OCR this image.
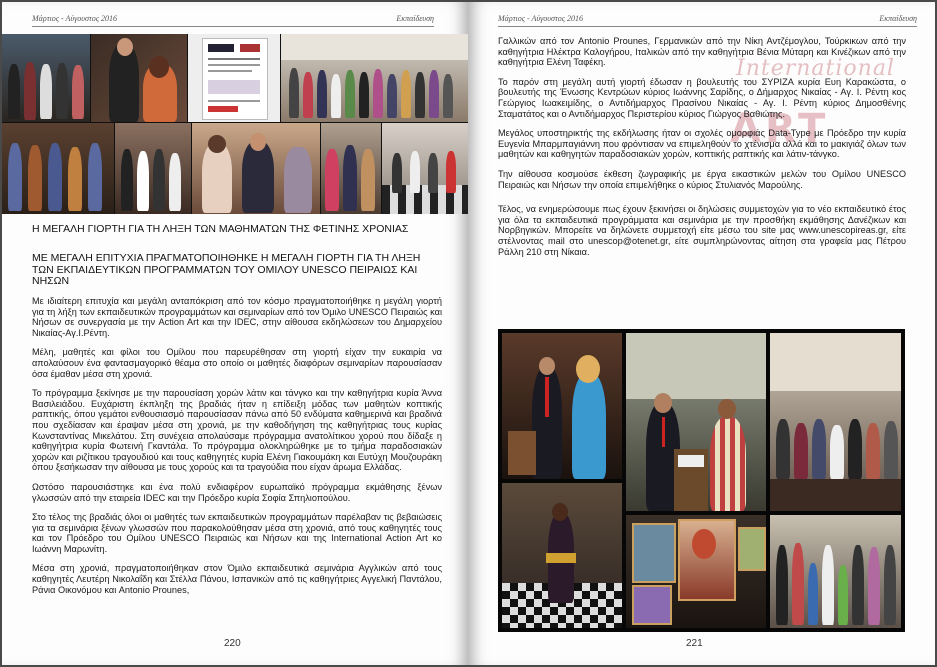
Μάρτιος - Αύγουστος 2016	Εκπαίδευση
Η ΜΕΓΑΛΗ ΓΙΟΡΤΗ ΓΙΑ ΤΗ ΛΗΞΗ ΤΩΝ ΜΑΘΗΜΑΤΩΝ ΤΗΣ ΦΕΤΙΝΗΣ ΧΡΟΝΙΑΣ
ΜΕ ΜΕΓΑΛΗ ΕΠΙΤΥΧΙΑ ΠΡΑΓΜΑΤΟΠΟΙΗΘΗΚΕ Η ΜΕΓΑΛΗ ΓΙΟΡΤΗ ΓΙΑ ΤΗ ΛΗΞΗ ΤΩΝ ΕΚΠΑΙΔΕΥΤΙΚΩΝ ΠΡΟΓΡΑΜΜΑΤΩΝ ΤΟΥ ΟΜΙΛΟΥ UNESCO ΠΕΙΡΑΙΩΣ ΚΑΙ ΝΗΣΩΝ

Με ιδιαίτερη επιτυχία και μεγάλη ανταπόκριση από τον κόσμο πραγματοποιήθηκε η μεγάλη γιορτή για τη λήξη των εκπαιδευτικών προγραμμάτων και σεμιναρίων από τον Όμιλο UNESCO Πειραιώς και Νήσων σε συνεργασία με την Action Art και την IDEC, στην αίθουσα εκδηλώσεων του Δημαρχείου Νικαίας-Αγ.Ι.Ρέντη.

Μέλη, μαθητές και φίλοι του Ομίλου που παρευρέθησαν στη γιορτή είχαν την ευκαιρία να απολαύσουν ένα φαντασμαγορικό θέαμα στο οποίο οι μαθητές διαφόρων σεμιναρίων παρουσίασαν όσα έμαθαν μέσα στη χρονιά.

Το πρόγραμμα ξεκίνησε με την παρουσίαση χορών λάτιν και τάνγκο και την καθηγήτρια κυρία Άννα Βασιλειάδου. Ευχάριστη έκπληξη της βραδιάς ήταν η επίδειξη μόδας των μαθητών κοπτικής ραπτικής, όπου γεμάτοι ενθουσιασμό παρουσίασαν πάνω από 50 ενδύματα καθημερινά και βραδινά που σχεδίασαν και έραψαν μέσα στη χρονιά, με την καθοδήγηση της καθηγήτριας τους κυρίας Κωνσταντίνας Μικελάτου. Στη συνέχεια απολαύσαμε πρόγραμμα ανατολίτικου χορού που δίδαξε η καθηγήτρια κυρία Φωτεινή Γκαντάλα. Το πρόγραμμα ολοκληρώθηκε με το τμήμα παραδοσιακών χορών και ριζίτικου τραγουδιού και τους καθηγητές κυρία Ελένη Γιακουμάκη και Ευτύχη Μουζουράκη όπου ξεσήκωσαν την αίθουσα με τους χορούς και τα τραγούδια που είχαν άρωμα Ελλάδας.

Ωστόσο παρουσιάστηκε και ένα πολύ ενδιαφέρον ευρωπαϊκό πρόγραμμα εκμάθησης ξένων γλωσσών από την εταιρεία IDEC και την Πρόεδρο κυρία Σοφία Σπηλιοπούλου.

Στο τέλος της βραδιάς όλοι οι μαθητές των εκπαιδευτικών προγραμμάτων παρέλαβαν τις βεβαιώσεις για τα σεμινάρια ξένων γλωσσών που παρακολούθησαν μέσα στη χρονιά, από τους καθηγητές τους και τον Πρόεδρο του Ομίλου UNESCO Πειραιώς και Νήσων και της International Action Art κο Ιωάννη Μαρωνίτη.

Μέσα στη χρονιά, πραγματοποιήθηκαν στον Όμιλο εκπαιδευτικά σεμινάρια Αγγλικών από τους καθηγητές Λευτέρη Νικολαΐδη και Στέλλα Πάνου, Ισπανικών από τις καθηγήτριες Αγγελική Παντάλου, Ράνια Οικονόμου και Antonio Prounes,

220
Μάρτιος - Αύγουστος 2016	Εκπαίδευση
International
ART

Γαλλικών από τον Antonio Prounes, Γερμανικών από την Νίκη Αντζέμογλου, Τούρκικων από την καθηγήτρια Ηλέκτρα Καλογήρου, Ιταλικών από την καθηγήτρια Βένια Μύταρη και Κινέζικων από την καθηγήτρια Ελένη Ταφέκη.

Το παρόν στη μεγάλη αυτή γιορτή έδωσαν η βουλευτής του ΣΥΡΙΖΑ κυρία Ευη Καρακώστα, ο βουλευτής της Ένωσης Κεντρώων κύριος Ιωάννης Σαρίδης, ο Δήμαρχος Νικαίας - Αγ. Ι. Ρέντη κος Γεώργιος Ιωακειμίδης, ο Αντιδήμαρχος Πρασίνου Νικαίας - Αγ. Ι. Ρέντη κύριος Δημοσθένης Σταματάτος και ο Αντιδήμαρχος Περιστερίου κύριος Γιώργος Βαθιώτης.

Μεγάλος υποστηρικτής της εκδήλωσης ήταν οι σχολές ομορφιάς Data-Type με Πρόεδρο την κυρία Ευγενία Μπαρμπαγιάννη που φρόντισαν να επιμεληθούν το χτένισμα αλλά και το μακιγιάζ όλων των μαθητών και καθηγητών παραδοσιακών χορών, κοπτικής ραπτικής και λάτιν-τάνγκο.

Την αίθουσα κοσμούσε έκθεση ζωγραφικής με έργα εικαστικών μελών του Ομίλου UNESCO Πειραιώς και Νήσων την οποία επιμελήθηκε ο κύριος Στυλιανός Μαρούλης.

Τέλος, να ενημερώσουμε πως έχουν ξεκινήσει οι δηλώσεις συμμετοχών για το νέο εκπαιδευτικό έτος για όλα τα εκπαιδευτικά προγράμματα και σεμινάρια με την προσθήκη εκμάθησης Δανέζικων και Νορβηγικών. Μπορείτε να δηλώνετε συμμετοχή είτε μέσω του site μας www.unescopireas.gr, είτε στέλνοντας mail στο unescop@otenet.gr, είτε συμπληρώνοντας αίτηση στα γραφεία μας Πέτρου Ράλλη 210 στη Νίκαια.

221
